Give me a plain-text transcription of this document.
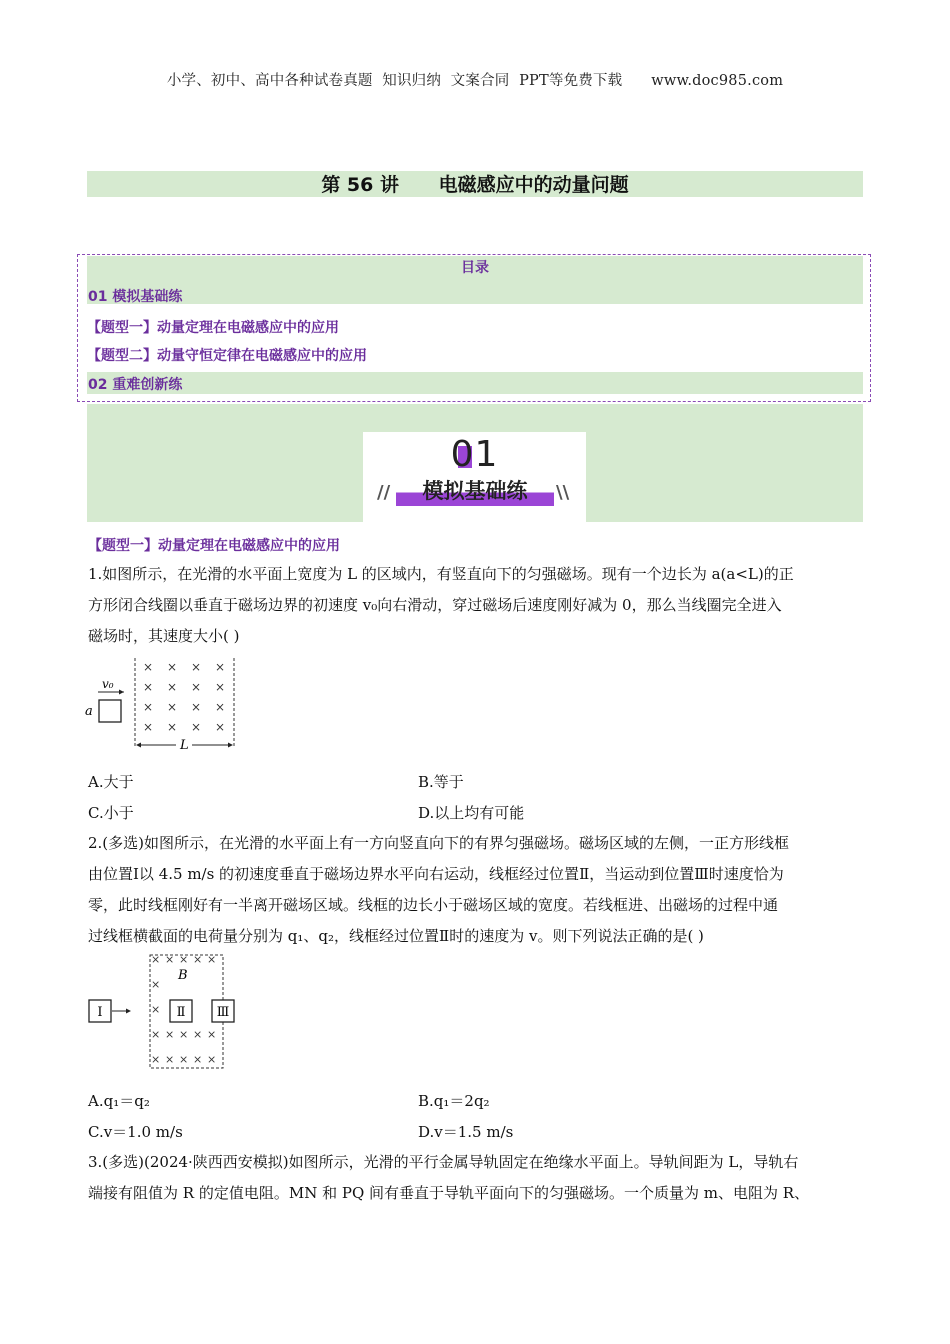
小学、初中、高中各种试卷真题  知识归纳  文案合同  PPT等免费下载      www.doc985.com
第 56 讲      电磁感应中的动量问题
目录
01 模拟基础练
【题型一】动量定理在电磁感应中的应用
【题型二】动量守恒定律在电磁感应中的应用
02 重难创新练
01
模拟基础练
//	\\
【题型一】动量定理在电磁感应中的应用
1.如图所示，在光滑的水平面上宽度为 L 的区域内，有竖直向下的匀强磁场。现有一个边长为 a(a<L)的正
方形闭合线圈以垂直于磁场边界的初速度 v₀向右滑动，穿过磁场后速度刚好减为 0，那么当线圈完全进入
磁场时，其速度大小( )
× × × ×
× × × ×
× × × ×
× × × ×
a
v₀
L
A.大于	B.等于
C.小于	D.以上均有可能
2.(多选)如图所示，在光滑的水平面上有一方向竖直向下的有界匀强磁场。磁场区域的左侧，一正方形线框
由位置Ⅰ以 4.5 m/s 的初速度垂直于磁场边界水平向右运动，线框经过位置Ⅱ，当运动到位置Ⅲ时速度恰为
零，此时线框刚好有一半离开磁场区域。线框的边长小于磁场区域的宽度。若线框进、出磁场的过程中通
过线框横截面的电荷量分别为 q₁、q₂，线框经过位置Ⅱ时的速度为 v。则下列说法正确的是( )
× × × × ×
×
×
× × × × ×
× × × × ×
B
Ⅰ	Ⅱ Ⅲ
A.q₁＝q₂	B.q₁＝2q₂
C.v＝1.0 m/s	D.v＝1.5 m/s
3.(多选)(2024·陕西西安模拟)如图所示，光滑的平行金属导轨固定在绝缘水平面上。导轨间距为 L，导轨右
端接有阻值为 R 的定值电阻。MN 和 PQ 间有垂直于导轨平面向下的匀强磁场。一个质量为 m、电阻为 R、
